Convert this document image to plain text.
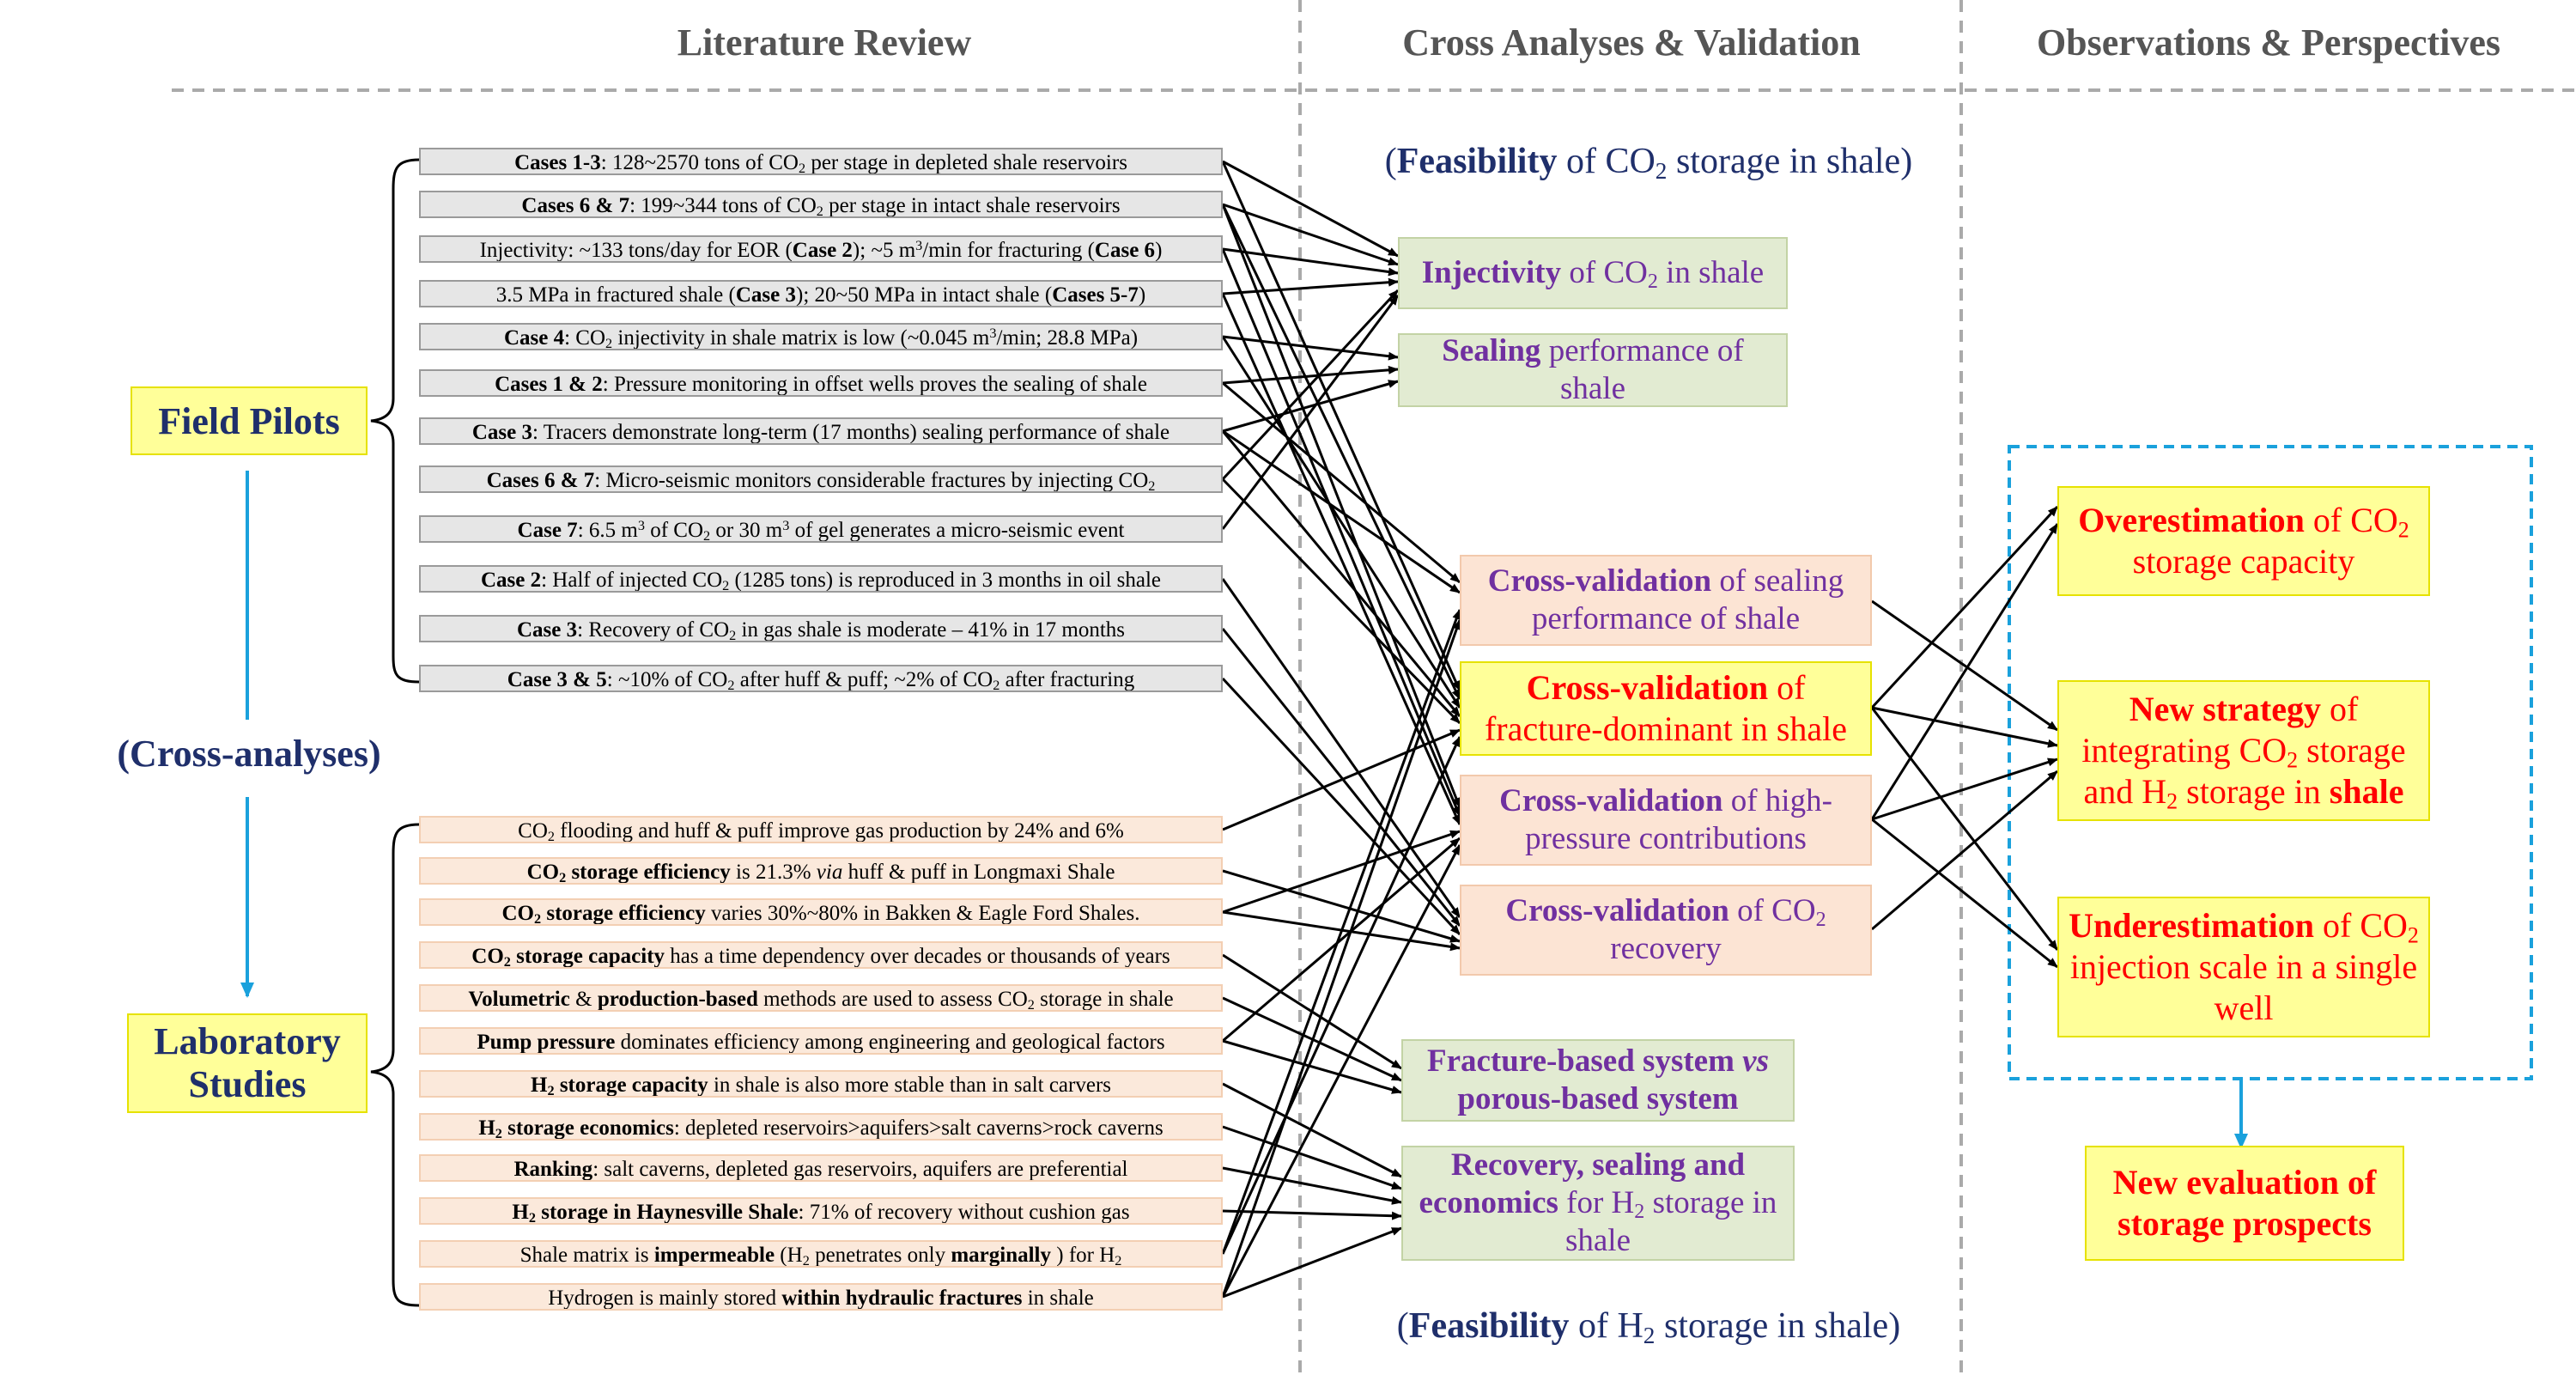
Literature Review	Cross Analyses & Validation	Observations & Perspectives
(Feasibility of $CO_2$ storage in shale)
(Feasibility of $H_2$ storage in shale)
Field Pilots
(Cross-analyses)
Laboratory
Studies
Cases 1-3: 128~2570 tons of $CO_2$ per stage in depleted shale reservoirs
Cases 6 & 7: 199~344 tons of $CO_2$ per stage in intact shale reservoirs
Injectivity: ~133 tons/day for EOR (Case 2); ~5 $m^3/\min$ for fracturing (Case 6)
3.5 MPa in fractured shale (Case 3); 20~50 MPa in intact shale (Cases 5-7)
Case 4: $CO_2$ injectivity in shale matrix is low (~0.045 $m^3/\min$; 28.8 MPa)
Cases 1 & 2: Pressure monitoring in offset wells proves the sealing of shale
Case 3: Tracers demonstrate long-term (17 months) sealing performance of shale
Cases 6 & 7: Micro-seismic monitors considerable fractures by injecting $CO_2$
Case 7: 6.5 $m^3$ of $CO_2$ or 30 $m^3$ of gel generates a micro-seismic event
Case 2: Half of injected $CO_2$ (1285 tons) is reproduced in 3 months in oil shale
Case 3: Recovery of $CO_2$ in gas shale is moderate – 41% in 17 months
Case 3 & 5: ~10% of $CO_2$ after huff & puff; ~2% of $CO_2$ after fracturing
$CO_2$ flooding and huff & puff improve gas production by 24% and 6%
$CO_2$ storage efficiency is 21.3% via huff & puff in Longmaxi Shale
$CO_2$ storage efficiency varies 30%~80% in Bakken & Eagle Ford Shales.
$CO_2$ storage capacity has a time dependency over decades or thousands of years
Volumetric & production-based methods are used to assess $CO_2$ storage in shale
Pump pressure dominates efficiency among engineering and geological factors
$H_2$ storage capacity in shale is also more stable than in salt carvers
$H_2$ storage economics: depleted reservoirs>aquifers>salt caverns>rock caverns
Ranking: salt caverns, depleted gas reservoirs, aquifers are preferential
$H_2$ storage in Haynesville Shale: 71% of recovery without cushion gas
Shale matrix is impermeable ($H_2$ penetrates only marginally ) for $H_2$
Hydrogen is mainly stored within hydraulic fractures in shale
Injectivity of $CO_2$ in shale
Sealing performance of shale
Cross-validation of sealing performance of shale
Cross-validation of fracture-dominant in shale
Cross-validation of high-pressure contributions
Cross-validation of $CO_2$ recovery
Fracture-based system vs porous-based system
Recovery, sealing and economics for $H_2$ storage in shale
Overestimation of $CO_2$ storage capacity
New strategy of integrating $CO_2$ storage and $H_2$ storage in shale
Underestimation of $CO_2$ injection scale in a single well
New evaluation of storage prospects
